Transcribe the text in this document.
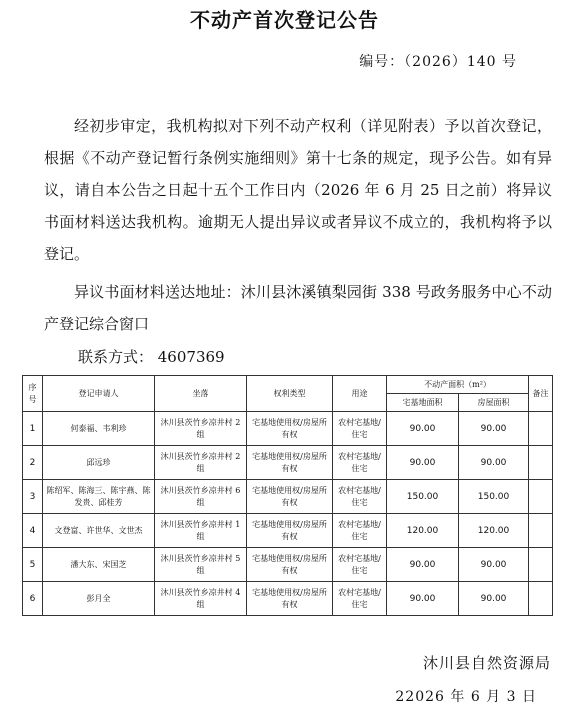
不动产首次登记公告
编号：（2026）140 号

经初步审定，我机构拟对下列不动产权利（详见附表）予以首次登记，根据《不动产登记暂行条例实施细则》第十七条的规定，现予公告。如有异议，请自本公告之日起十五个工作日内（2026 年 6 月 25 日之前）将异议书面材料送达我机构。逾期无人提出异议或者异议不成立的，我机构将予以登记。

异议书面材料送达地址：沐川县沐溪镇梨园街 338 号政务服务中心不动产登记综合窗口

联系方式： 4607369
序号	登记申请人	坐落	权利类型	用途	不动产面积（m²）		备注
					宅基地面积	房屋面积	
1	何泰福、韦利珍	沐川县茨竹乡凉井村 2 组	宅基地使用权/房屋所有权	农村宅基地/住宅	90.00	90.00	
2	邱远珍	沐川县茨竹乡凉井村 2 组	宅基地使用权/房屋所有权	农村宅基地/住宅	90.00	90.00	
3	陈绍军、陈海三、陈宇燕、陈发贵、邱桂芳	沐川县茨竹乡凉井村 6 组	宅基地使用权/房屋所有权	农村宅基地/住宅	150.00	150.00	
4	文登富、许世华、文世杰	沐川县茨竹乡凉井村 1 组	宅基地使用权/房屋所有权	农村宅基地/住宅	120.00	120.00	
5	潘大东、宋国芝	沐川县茨竹乡凉井村 5 组	宅基地使用权/房屋所有权	农村宅基地/住宅	90.00	90.00	
6	彭月全	沐川县茨竹乡凉井村 4 组	宅基地使用权/房屋所有权	农村宅基地/住宅	90.00	90.00	
沐川县自然资源局
22026 年 6 月 3 日
